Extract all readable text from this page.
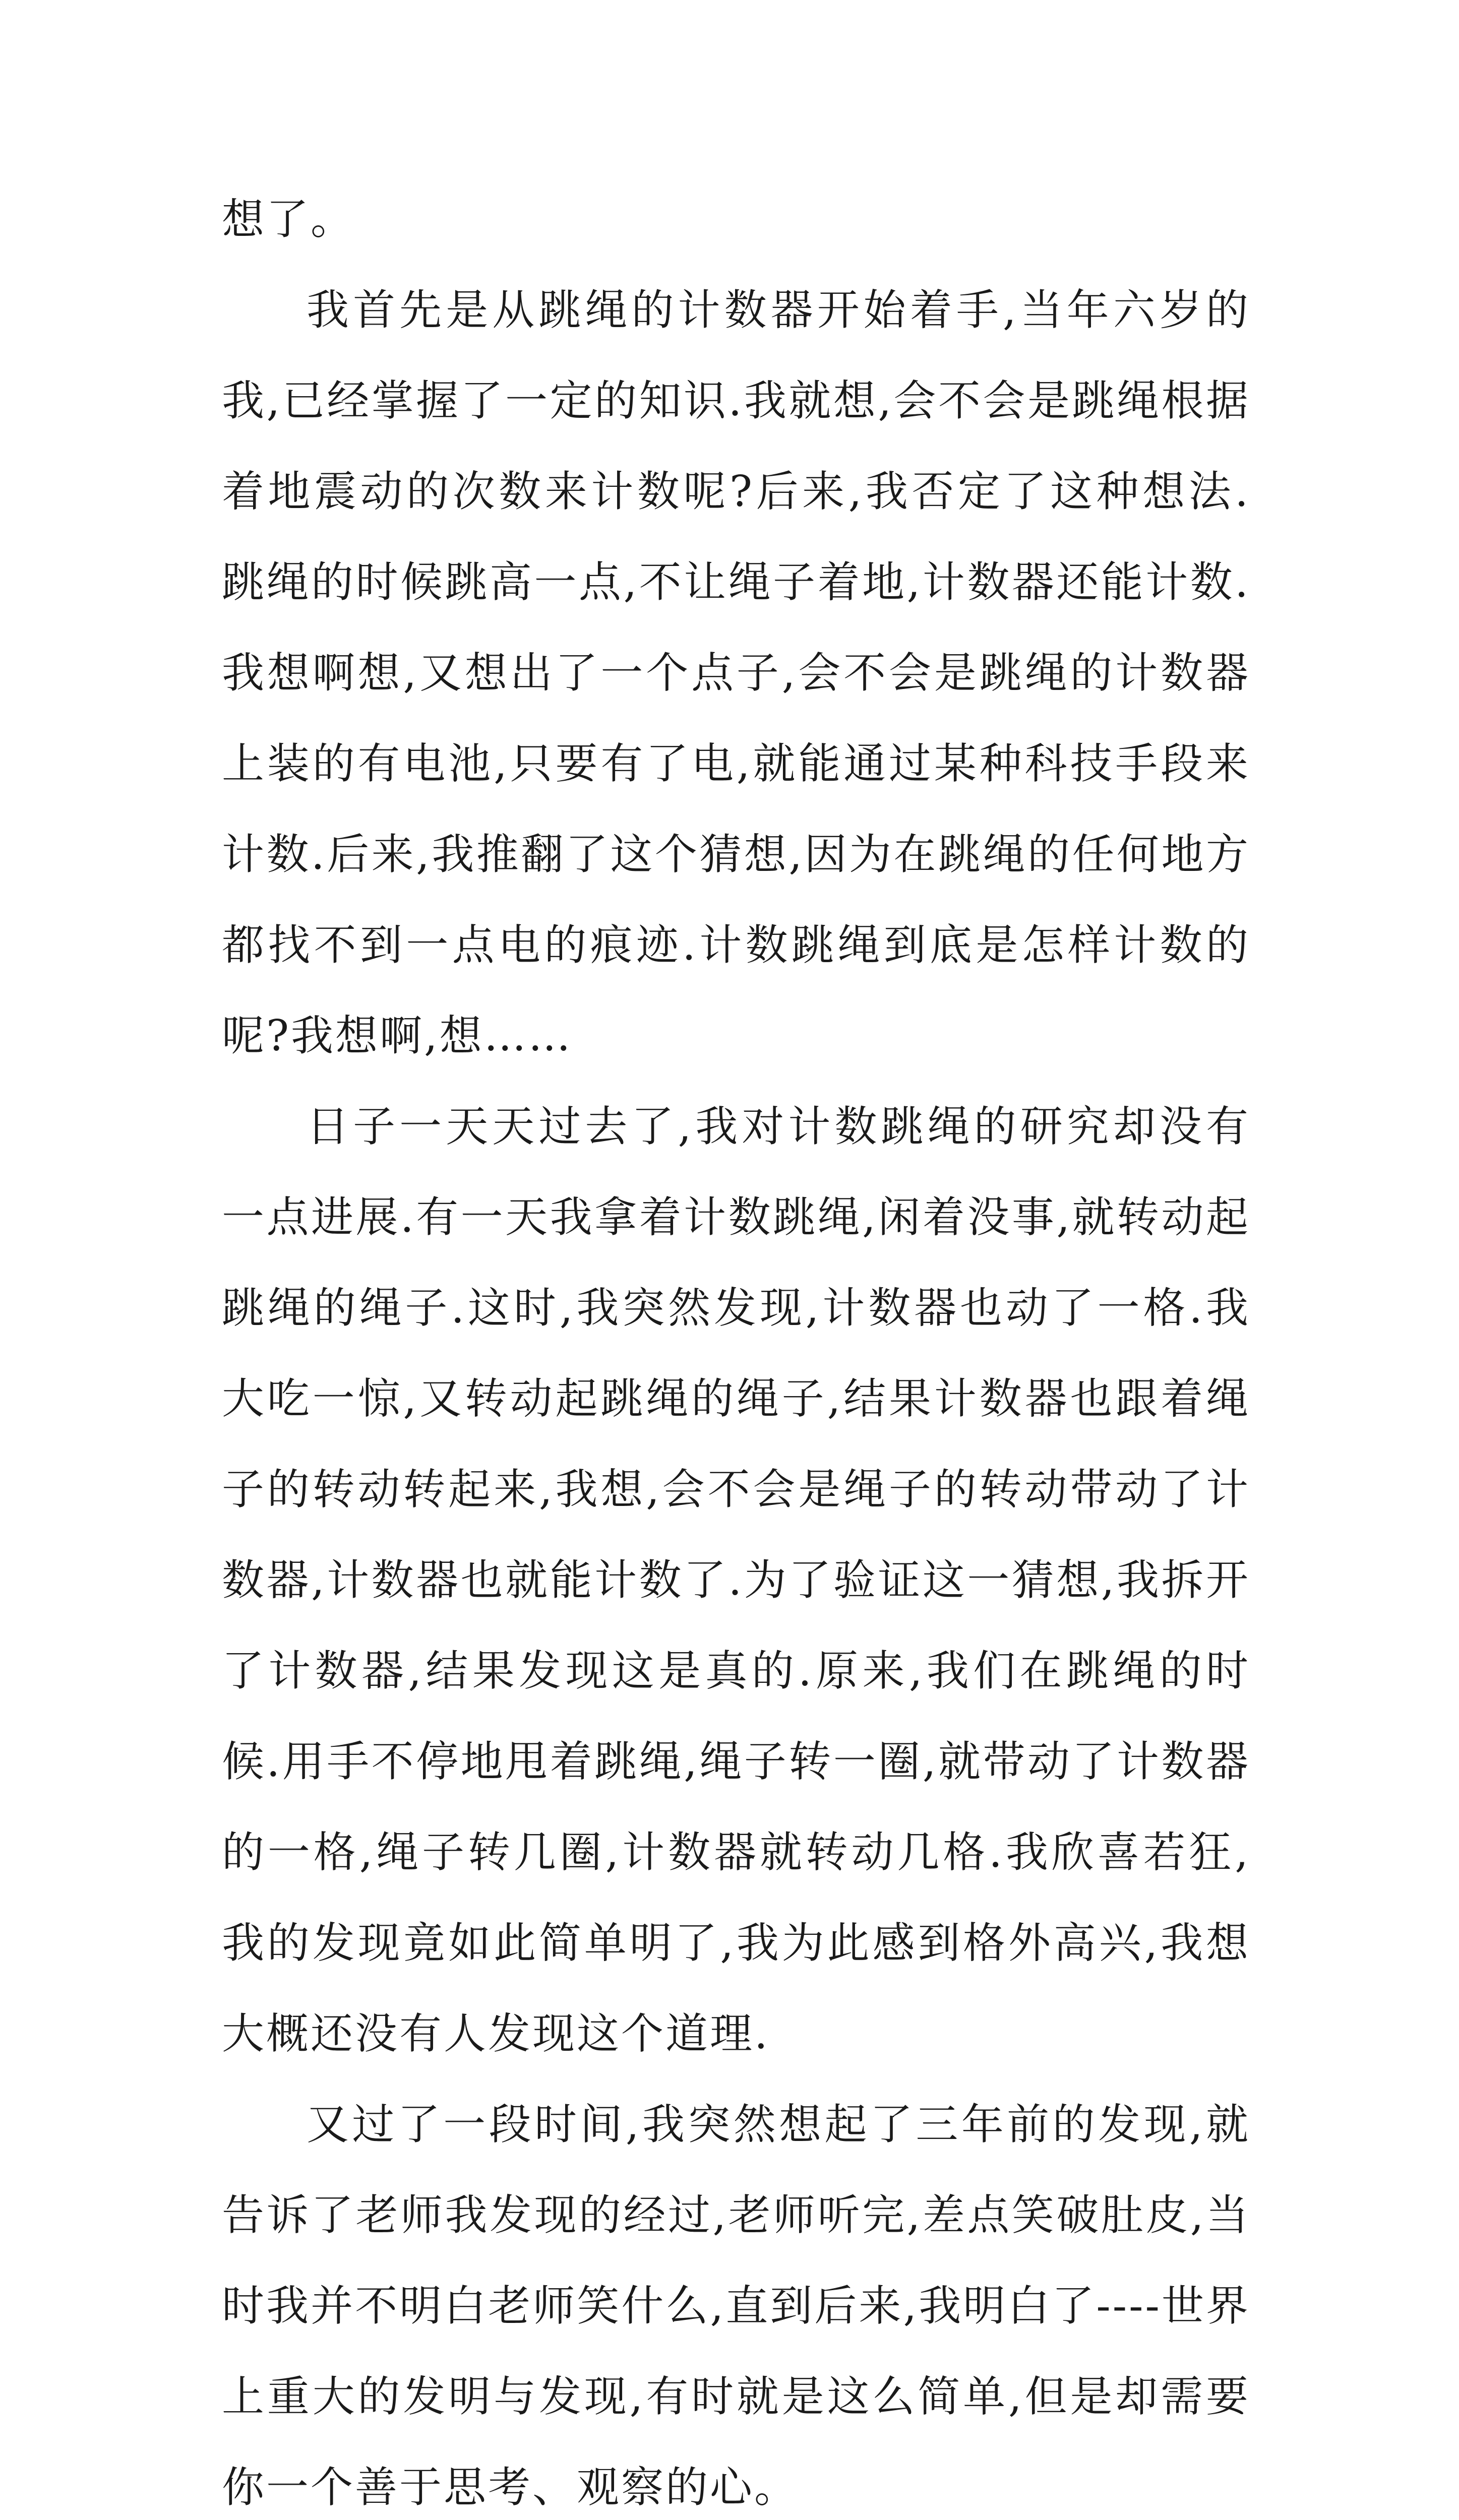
想了。

我首先是从跳绳的计数器开始着手,当年六岁的我,已经掌握了一定的知识.我就想,会不会是跳绳根据着地震动的次数来计数呢?后来,我否定了这种想法.跳绳的时候跳高一点,不让绳子着地,计数器还能计数.我想啊想,又想出了一个点子,会不会是跳绳的计数器上装的有电池,只要有了电,就能通过某种科技手段来计数.后来,我推翻了这个猜想,因为在跳绳的任何地方都找不到一点电的痕迹.计数跳绳到底是怎样计数的呢?我想啊,想……

日子一天天过去了,我对计数跳绳的研究却没有一点进展.有一天我拿着计数跳绳,闲着没事,就转动起跳绳的绳子.这时,我突然发现,计数器也动了一格.我大吃一惊,又转动起跳绳的绳子,结果计数器也跟着绳子的转动转起来,我想,会不会是绳子的转动带动了计数器,计数器也就能计数了.为了验证这一猜想,我拆开了计数器,结果发现这是真的.原来,我们在跳绳的时候.用手不停地甩着跳绳,绳子转一圈,就带动了计数器的一格,绳子转几圈,计数器就转动几格.我欣喜若狂,我的发现竟如此简单明了,我为此感到格外高兴,我想大概还没有人发现这个道理.

又过了一段时间,我突然想起了三年前的发现,就告诉了老师我发现的经过,老师听完,差点笑破肚皮,当时我并不明白老师笑什么,直到后来,我明白了----世界上重大的发明与发现,有时就是这么简单,但是却需要你一个善于思考、观察的心。
